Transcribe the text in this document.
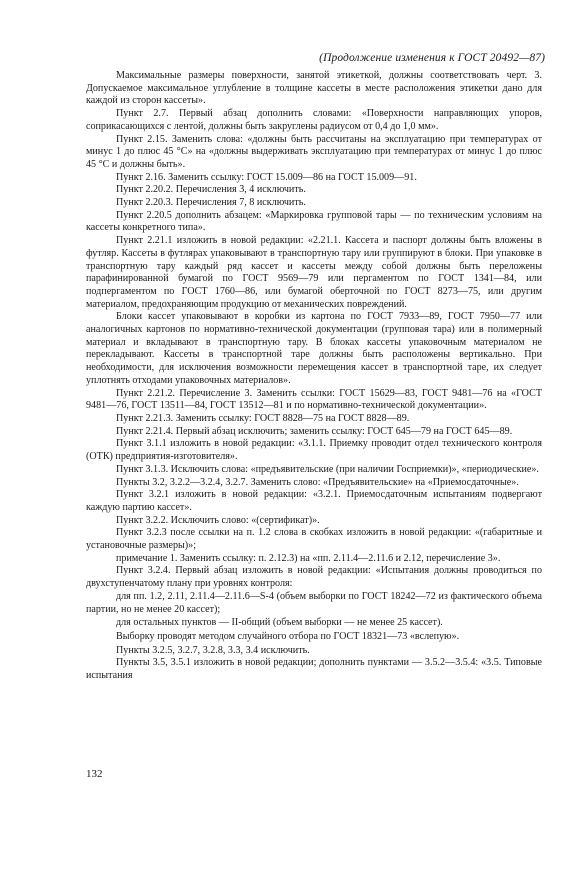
(Продолжение изменения к ГОСТ 20492—87)

Максимальные размеры поверхности, занятой этикеткой, должны соответствовать черт. 3. Допускаемое максимальное углубление в толщине кассеты в месте расположения этикетки дано для каждой из сторон кассеты».

Пункт 2.7. Первый абзац дополнить словами: «Поверхности направляющих упоров, соприкасающихся с лентой, должны быть закруглены радиусом от 0,4 до 1,0 мм».

Пункт 2.15. Заменить слова: «должны быть рассчитаны на эксплуатацию при температурах от минус 1 до плюс 45 °С» на «должны выдерживать эксплуатацию при температурах от минус 1 до плюс 45 °С и должны быть».

Пункт 2.16. Заменить ссылку: ГОСТ 15.009—86 на ГОСТ 15.009—91.

Пункт 2.20.2. Перечисления 3, 4 исключить.

Пункт 2.20.3. Перечисления 7, 8 исключить.

Пункт 2.20.5 дополнить абзацем: «Маркировка групповой тары — по техническим условиям на кассеты конкретного типа».

Пункт 2.21.1 изложить в новой редакции: «2.21.1. Кассета и паспорт должны быть вложены в футляр. Кассеты в футлярах упаковывают в транспортную тару или группируют в блоки. При упаковке в транспортную тару каждый ряд кассет и кассеты между собой должны быть переложены парафинированной бумагой по ГОСТ 9569—79 или пергаментом по ГОСТ 1341—84, или подпергаментом по ГОСТ 1760—86, или бумагой оберточной по ГОСТ 8273—75, или другим материалом, предохраняющим продукцию от механических повреждений.

Блоки кассет упаковывают в коробки из картона по ГОСТ 7933—89, ГОСТ 7950—77 или аналогичных картонов по нормативно-технической документации (групповая тара) или в полимерный материал и вкладывают в транспортную тару. В блоках кассеты упаковочным материалом не перекладывают. Кассеты в транспортной таре должны быть расположены вертикально. При необходимости, для исключения возможности перемещения кассет в транспортной таре, их следует уплотнять отходами упаковочных материалов».

Пункт 2.21.2. Перечисление 3. Заменить ссылки: ГОСТ 15629—83, ГОСТ 9481—76 на «ГОСТ 9481—76, ГОСТ 13511—84, ГОСТ 13512—81 и по нормативно-технической документации».

Пункт 2.21.3. Заменить ссылку: ГОСТ 8828—75 на ГОСТ 8828—89.

Пункт 2.21.4. Первый абзац исключить; заменить ссылку: ГОСТ 645—79 на ГОСТ 645—89.

Пункт 3.1.1 изложить в новой редакции: «3.1.1. Приемку проводит отдел технического контроля (ОТК) предприятия-изготовителя».

Пункт 3.1.3. Исключить слова: «предъявительские (при наличии Госприемки)», «периодические».

Пункты 3.2, 3.2.2—3.2.4, 3.2.7. Заменить слово: «Предъявительские» на «Приемосдаточные».

Пункт 3.2.1 изложить в новой редакции: «3.2.1. Приемосдаточным испытаниям подвергают каждую партию кассет».

Пункт 3.2.2. Исключить слово: «(сертификат)».

Пункт 3.2.3 после ссылки на п. 1.2 слова в скобках изложить в новой редакции: «(габаритные и установочные размеры)»;

примечание 1. Заменить ссылку: п. 2.12.3) на «пп. 2.11.4—2.11.6 и 2.12, перечисление 3».

Пункт 3.2.4. Первый абзац изложить в новой редакции: «Испытания должны проводиться по двухступенчатому плану при уровнях контроля:

для пп. 1.2, 2.11, 2.11.4—2.11.6—S-4 (объем выборки по ГОСТ 18242—72 из фактического объема партии, но не менее 20 кассет);

для остальных пунктов — II-общий (объем выборки — не менее 25 кассет).

Выборку проводят методом случайного отбора по ГОСТ 18321—73 «вслепую».

Пункты 3.2.5, 3.2.7, 3.2.8, 3.3, 3.4 исключить.

Пункты 3.5, 3.5.1 изложить в новой редакции; дополнить пунктами — 3.5.2—3.5.4: «3.5. Типовые испытания

132
